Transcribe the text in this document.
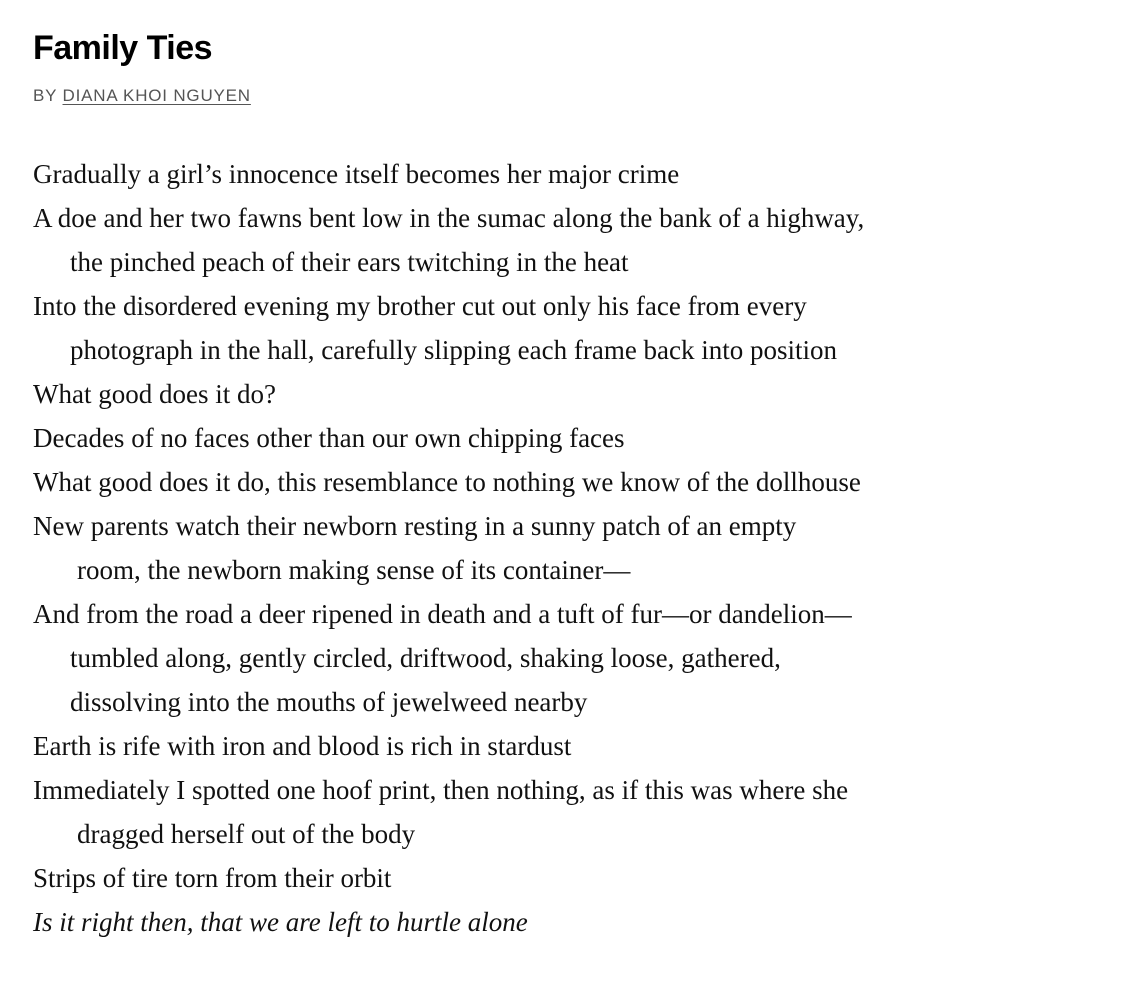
Family Ties
BY DIANA KHOI NGUYEN
Gradually a girl’s innocence itself becomes her major crime
A doe and her two fawns bent low in the sumac along the bank of a highway,
the pinched peach of their ears twitching in the heat
Into the disordered evening my brother cut out only his face from every
photograph in the hall, carefully slipping each frame back into position
What good does it do?
Decades of no faces other than our own chipping faces
What good does it do, this resemblance to nothing we know of the dollhouse
New parents watch their newborn resting in a sunny patch of an empty
room, the newborn making sense of its container—
And from the road a deer ripened in death and a tuft of fur—or dandelion—
tumbled along, gently circled, driftwood, shaking loose, gathered,
dissolving into the mouths of jewelweed nearby
Earth is rife with iron and blood is rich in stardust
Immediately I spotted one hoof print, then nothing, as if this was where she
dragged herself out of the body
Strips of tire torn from their orbit
Is it right then, that we are left to hurtle alone
